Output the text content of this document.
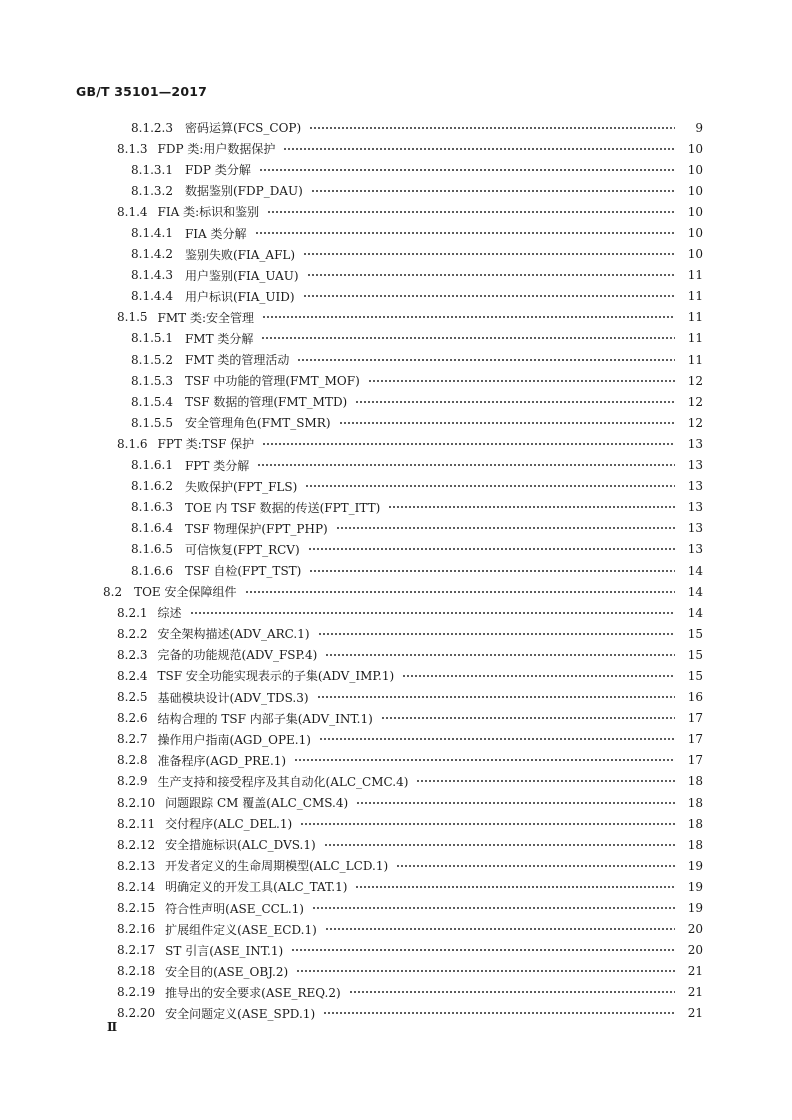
GB/T 35101—2017
8.1.2.3 密码运算(FCS_COP)	9
8.1.3 FDP 类:用户数据保护	10
8.1.3.1 FDP 类分解	10
8.1.3.2 数据鉴别(FDP_DAU)	10
8.1.4 FIA 类:标识和鉴别	10
8.1.4.1 FIA 类分解	10
8.1.4.2 鉴别失败(FIA_AFL)	10
8.1.4.3 用户鉴别(FIA_UAU)	11
8.1.4.4 用户标识(FIA_UID)	11
8.1.5 FMT 类:安全管理	11
8.1.5.1 FMT 类分解	11
8.1.5.2 FMT 类的管理活动	11
8.1.5.3 TSF 中功能的管理(FMT_MOF)	12
8.1.5.4 TSF 数据的管理(FMT_MTD)	12
8.1.5.5 安全管理角色(FMT_SMR)	12
8.1.6 FPT 类:TSF 保护	13
8.1.6.1 FPT 类分解	13
8.1.6.2 失败保护(FPT_FLS)	13
8.1.6.3 TOE 内 TSF 数据的传送(FPT_ITT)	13
8.1.6.4 TSF 物理保护(FPT_PHP)	13
8.1.6.5 可信恢复(FPT_RCV)	13
8.1.6.6 TSF 自检(FPT_TST)	14
8.2 TOE 安全保障组件	14
8.2.1 综述	14
8.2.2 安全架构描述(ADV_ARC.1)	15
8.2.3 完备的功能规范(ADV_FSP.4)	15
8.2.4 TSF 安全功能实现表示的子集(ADV_IMP.1)	15
8.2.5 基础模块设计(ADV_TDS.3)	16
8.2.6 结构合理的 TSF 内部子集(ADV_INT.1)	17
8.2.7 操作用户指南(AGD_OPE.1)	17
8.2.8 准备程序(AGD_PRE.1)	17
8.2.9 生产支持和接受程序及其自动化(ALC_CMC.4)	18
8.2.10 问题跟踪 CM 覆盖(ALC_CMS.4)	18
8.2.11 交付程序(ALC_DEL.1)	18
8.2.12 安全措施标识(ALC_DVS.1)	18
8.2.13 开发者定义的生命周期模型(ALC_LCD.1)	19
8.2.14 明确定义的开发工具(ALC_TAT.1)	19
8.2.15 符合性声明(ASE_CCL.1)	19
8.2.16 扩展组件定义(ASE_ECD.1)	20
8.2.17 ST 引言(ASE_INT.1)	20
8.2.18 安全目的(ASE_OBJ.2)	21
8.2.19 推导出的安全要求(ASE_REQ.2)	21
8.2.20 安全问题定义(ASE_SPD.1)	21
Ⅱ
